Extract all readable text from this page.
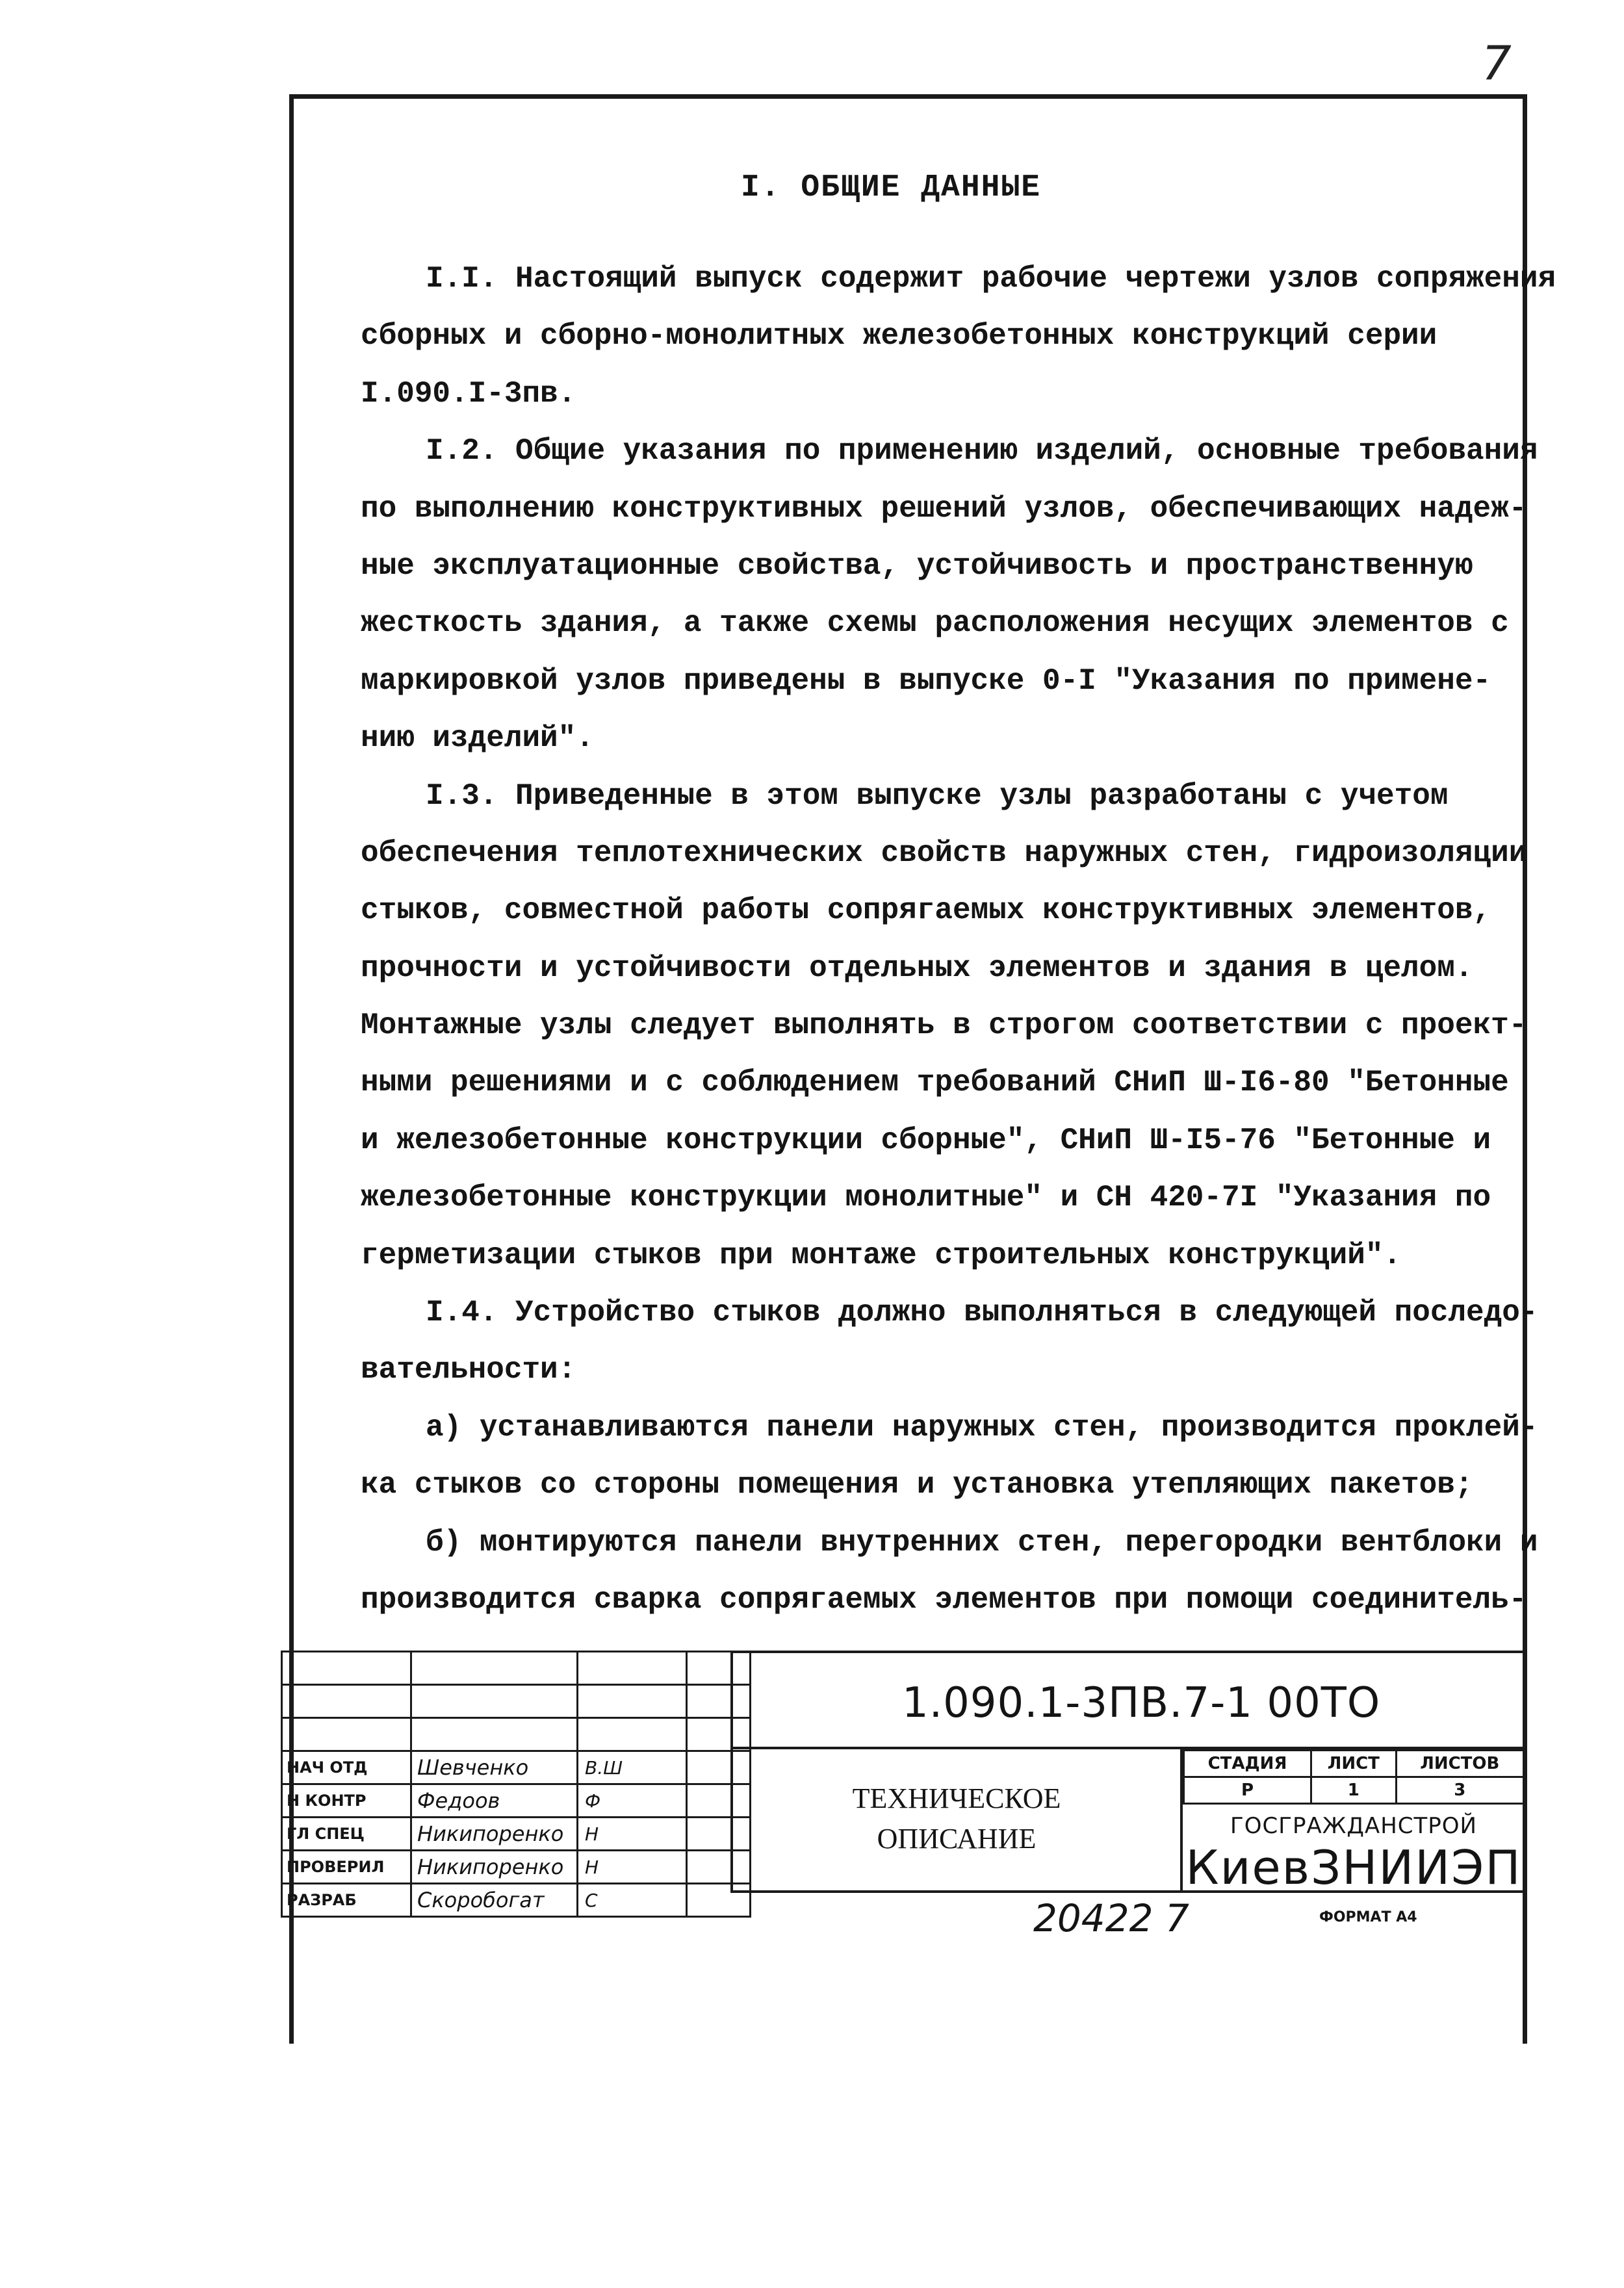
7
I. ОБЩИЕ ДАННЫЕ
I.I. Настоящий выпуск содержит рабочие чертежи узлов сопряжения
сборных и сборно-монолитных железобетонных конструкций серии
I.090.I-3пв.
I.2. Общие указания по применению изделий, основные требования
по выполнению конструктивных решений узлов, обеспечивающих надеж-
ные эксплуатационные свойства, устойчивость и пространственную
жесткость здания, а также схемы расположения несущих элементов с
маркировкой узлов приведены в выпуске 0-I "Указания по примене-
нию изделий".
I.3. Приведенные в этом выпуске узлы разработаны с учетом
обеспечения теплотехнических свойств наружных стен, гидроизоляции
стыков, совместной работы сопрягаемых конструктивных элементов,
прочности и устойчивости отдельных элементов и здания в целом.
Монтажные узлы следует выполнять в строгом соответствии с проект-
ными решениями и с соблюдением требований СНиП Ш-I6-80 "Бетонные
и железобетонные конструкции сборные", СНиП Ш-I5-76 "Бетонные и
железобетонные конструкции монолитные" и СН 420-7I "Указания по
герметизации стыков при монтаже строительных конструкций".
I.4. Устройство стыков должно выполняться в следующей последо-
вательности:
а) устанавливаются панели наружных стен, производится проклей-
ка стыков со стороны помещения и установка утепляющих пакетов;
б) монтируются панели внутренних стен, перегородки вентблоки и
производится сварка сопрягаемых элементов при помощи соединитель-

НАЧ ОТД	Шевченко	В.Ш	
Н КОНТР	Федоов	Ф	
ГЛ СПЕЦ	Никипоренко	Н	
ПРОВЕРИЛ	Никипоренко	Н	
РАЗРАБ	Скоробогат	С	
1.090.1-3ПВ.7-1 00ТО
ТЕХНИЧЕСКОЕ
ОПИСАНИЕ
СТАДИЯ	ЛИСТ	ЛИСТОВ
Р	1	3
ГОСГРАЖДАНСТРОЙ
КиевЗНИИЭП
20422 7	ФОРМАТ А4
